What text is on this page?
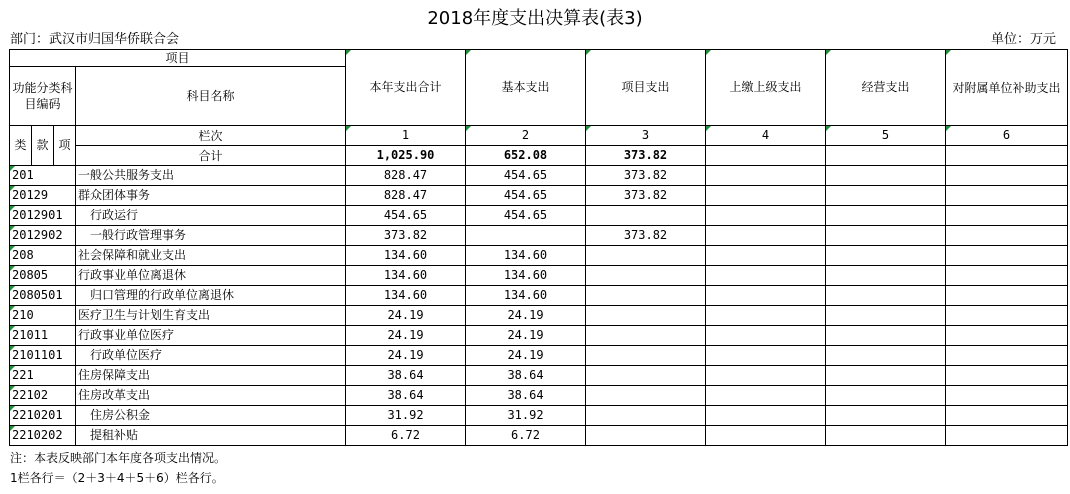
2018年度支出决算表(表3)
部门：武汉市归国华侨联合会	单位：万元
项目				本年支出合计	基本支出	项目支出	上缴上级支出	经营支出	对附属单位补助支出
功能分类科目编码			科目名称						

类	款	项	栏次	1	2	3	4	5	6
			合计	1,025.90	652.08	373.82			
201			一般公共服务支出	828.47	454.65	373.82			
20129			群众团体事务	828.47	454.65	373.82			
2012901			行政运行	454.65	454.65				
2012902			一般行政管理事务	373.82		373.82			
208			社会保障和就业支出	134.60	134.60				
20805			行政事业单位离退休	134.60	134.60				
2080501			归口管理的行政单位离退休	134.60	134.60				
210			医疗卫生与计划生育支出	24.19	24.19				
21011			行政事业单位医疗	24.19	24.19				
2101101			行政单位医疗	24.19	24.19				
221			住房保障支出	38.64	38.64				
22102			住房改革支出	38.64	38.64				
2210201			住房公积金	31.92	31.92				
2210202			提租补贴	6.72	6.72				
注：本表反映部门本年度各项支出情况。
1栏各行＝（2＋3＋4＋5＋6）栏各行。
